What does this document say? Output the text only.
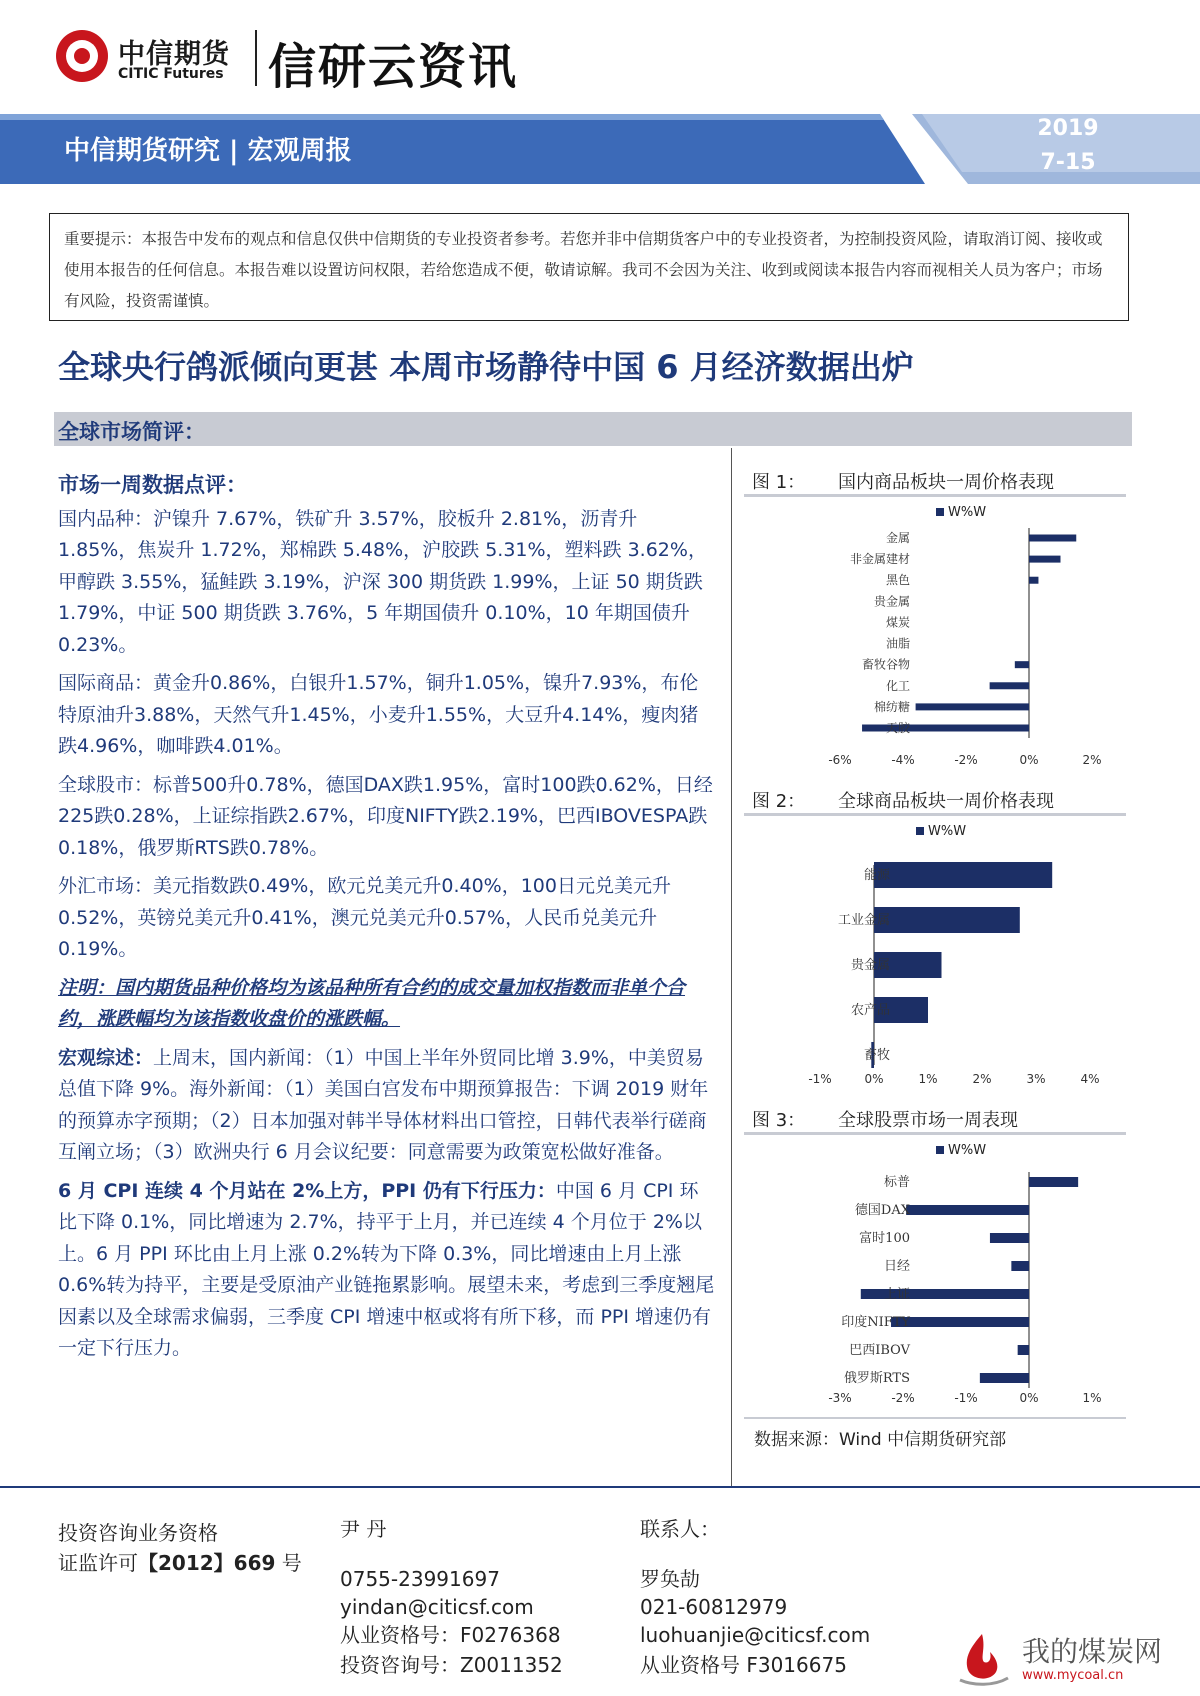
中信期货
CITIC Futures 信研云资讯
中信期货研究 | 宏观周报
2019
7-15
重要提示：本报告中发布的观点和信息仅供中信期货的专业投资者参考。若您并非中信期货客户中的专业投资者，为控制投资风险，请取消订阅、接收或使用本报告的任何信息。本报告难以设置访问权限，若给您造成不便，敬请谅解。我司不会因为关注、收到或阅读本报告内容而视相关人员为客户；市场有风险，投资需谨慎。
全球央行鸽派倾向更甚 本周市场静待中国 6 月经济数据出炉
全球市场简评：

市场一周数据点评：

国内品种：沪镍升 7.67%，铁矿升 3.57%，胶板升 2.81%，沥青升 1.85%，焦炭升 1.72%，郑棉跌 5.48%，沪胶跌 5.31%，塑料跌 3.62%，甲醇跌 3.55%，猛鲑跌 3.19%，沪深 300 期货跌 1.99%，上证 50 期货跌 1.79%，中证 500 期货跌 3.76%，5 年期国债升 0.10%，10 年期国债升 0.23%。

国际商品：黄金升0.86%，白银升1.57%，铜升1.05%，镍升7.93%，布伦特原油升3.88%，天然气升1.45%，小麦升1.55%，大豆升4.14%，瘦肉猪跌4.96%，咖啡跌4.01%。

全球股市：标普500升0.78%，德国DAX跌1.95%，富时100跌0.62%，日经225跌0.28%，上证综指跌2.67%，印度NIFTY跌2.19%，巴西IBOVESPA跌0.18%，俄罗斯RTS跌0.78%。

外汇市场：美元指数跌0.49%，欧元兑美元升0.40%，100日元兑美元升0.52%，英镑兑美元升0.41%，澳元兑美元升0.57%，人民币兑美元升0.19%。

注明：国内期货品种价格均为该品种所有合约的成交量加权指数而非单个合约，涨跌幅均为该指数收盘价的涨跌幅。

宏观综述：上周末，国内新闻：（1）中国上半年外贸同比增 3.9%，中美贸易总值下降 9%。海外新闻：（1）美国白宫发布中期预算报告：下调 2019 财年的预算赤字预期；（2）日本加强对韩半导体材料出口管控，日韩代表举行磋商互阐立场；（3）欧洲央行 6 月会议纪要：同意需要为政策宽松做好准备。

6 月 CPI 连续 4 个月站在 2%上方，PPI 仍有下行压力：中国 6 月 CPI 环比下降 0.1%，同比增速为 2.7%，持平于上月，并已连续 4 个月位于 2%以上。6 月 PPI 环比由上月上涨 0.2%转为下降 0.3%，同比增速由上月上涨 0.6%转为持平，主要是受原油产业链拖累影响。展望未来，考虑到三季度翘尾因素以及全球需求偏弱，三季度 CPI 增速中枢或将有所下移，而 PPI 增速仍有一定下行压力。

图 1： 国内商品板块一周价格表现
W%W
金属
非金属建材
黑色
贵金属
煤炭
油脂
畜牧谷物
化工
棉纺糖
天胶
-6%	-4%	-2%	0%	2%
图 2： 全球商品板块一周价格表现
W%W
能源
工业金属
贵金属
农产品
畜牧
-1%	0%	1%	2%	3%	4%
图 3： 全球股票市场一周表现
W%W
标普
德国DAX
富时100
日经
上证
印度NIFTY
巴西IBOV
俄罗斯RTS
-3%	-2%	-1%	0%	1%
数据来源：Wind 中信期货研究部
投资咨询业务资格
证监许可【2012】669 号
尹 丹
0755-23991697
yindan@citicsf.com
从业资格号：F0276368
投资咨询号：Z0011352
联系人：
罗奂劼
021-60812979
luohuanjie@citicsf.com
从业资格号 F3016675	我的煤炭网
www.mycoal.cn
